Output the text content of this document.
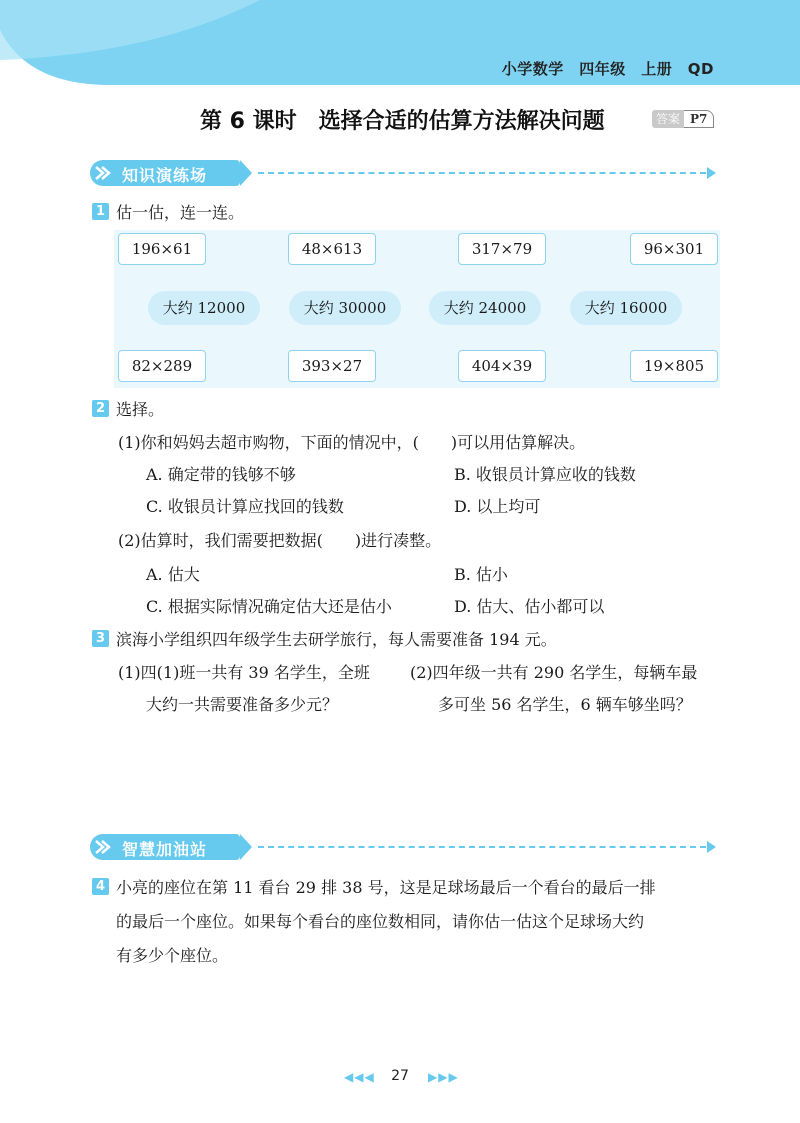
小学数学　四年级　上册　QD
第 6 课时 选择合适的估算方法解决问题	答案 P7
知识演练场
1 估一估，连一连。
196×61	48×613	317×79	96×301
大约 12000	大约 30000	大约 24000	大约 16000
82×289	393×27	404×39	19×805
2 选择。
(1)你和妈妈去超市购物，下面的情况中，(　　)可以用估算解决。
A. 确定带的钱够不够	B. 收银员计算应收的钱数
C. 收银员计算应找回的钱数	D. 以上均可
(2)估算时，我们需要把数据(　　)进行凑整。
A. 估大	B. 估小
C. 根据实际情况确定估大还是估小	D. 估大、估小都可以
3 滨海小学组织四年级学生去研学旅行，每人需要准备 194 元。
(1)四(1)班一共有 39 名学生，全班
大约一共需要准备多少元？
(2)四年级一共有 290 名学生，每辆车最
多可坐 56 名学生，6 辆车够坐吗？
智慧加油站
4 小亮的座位在第 11 看台 29 排 38 号，这是足球场最后一个看台的最后一排
的最后一个座位。如果每个看台的座位数相同，请你估一估这个足球场大约
有多少个座位。
◀◀◀	27	▶▶▶
